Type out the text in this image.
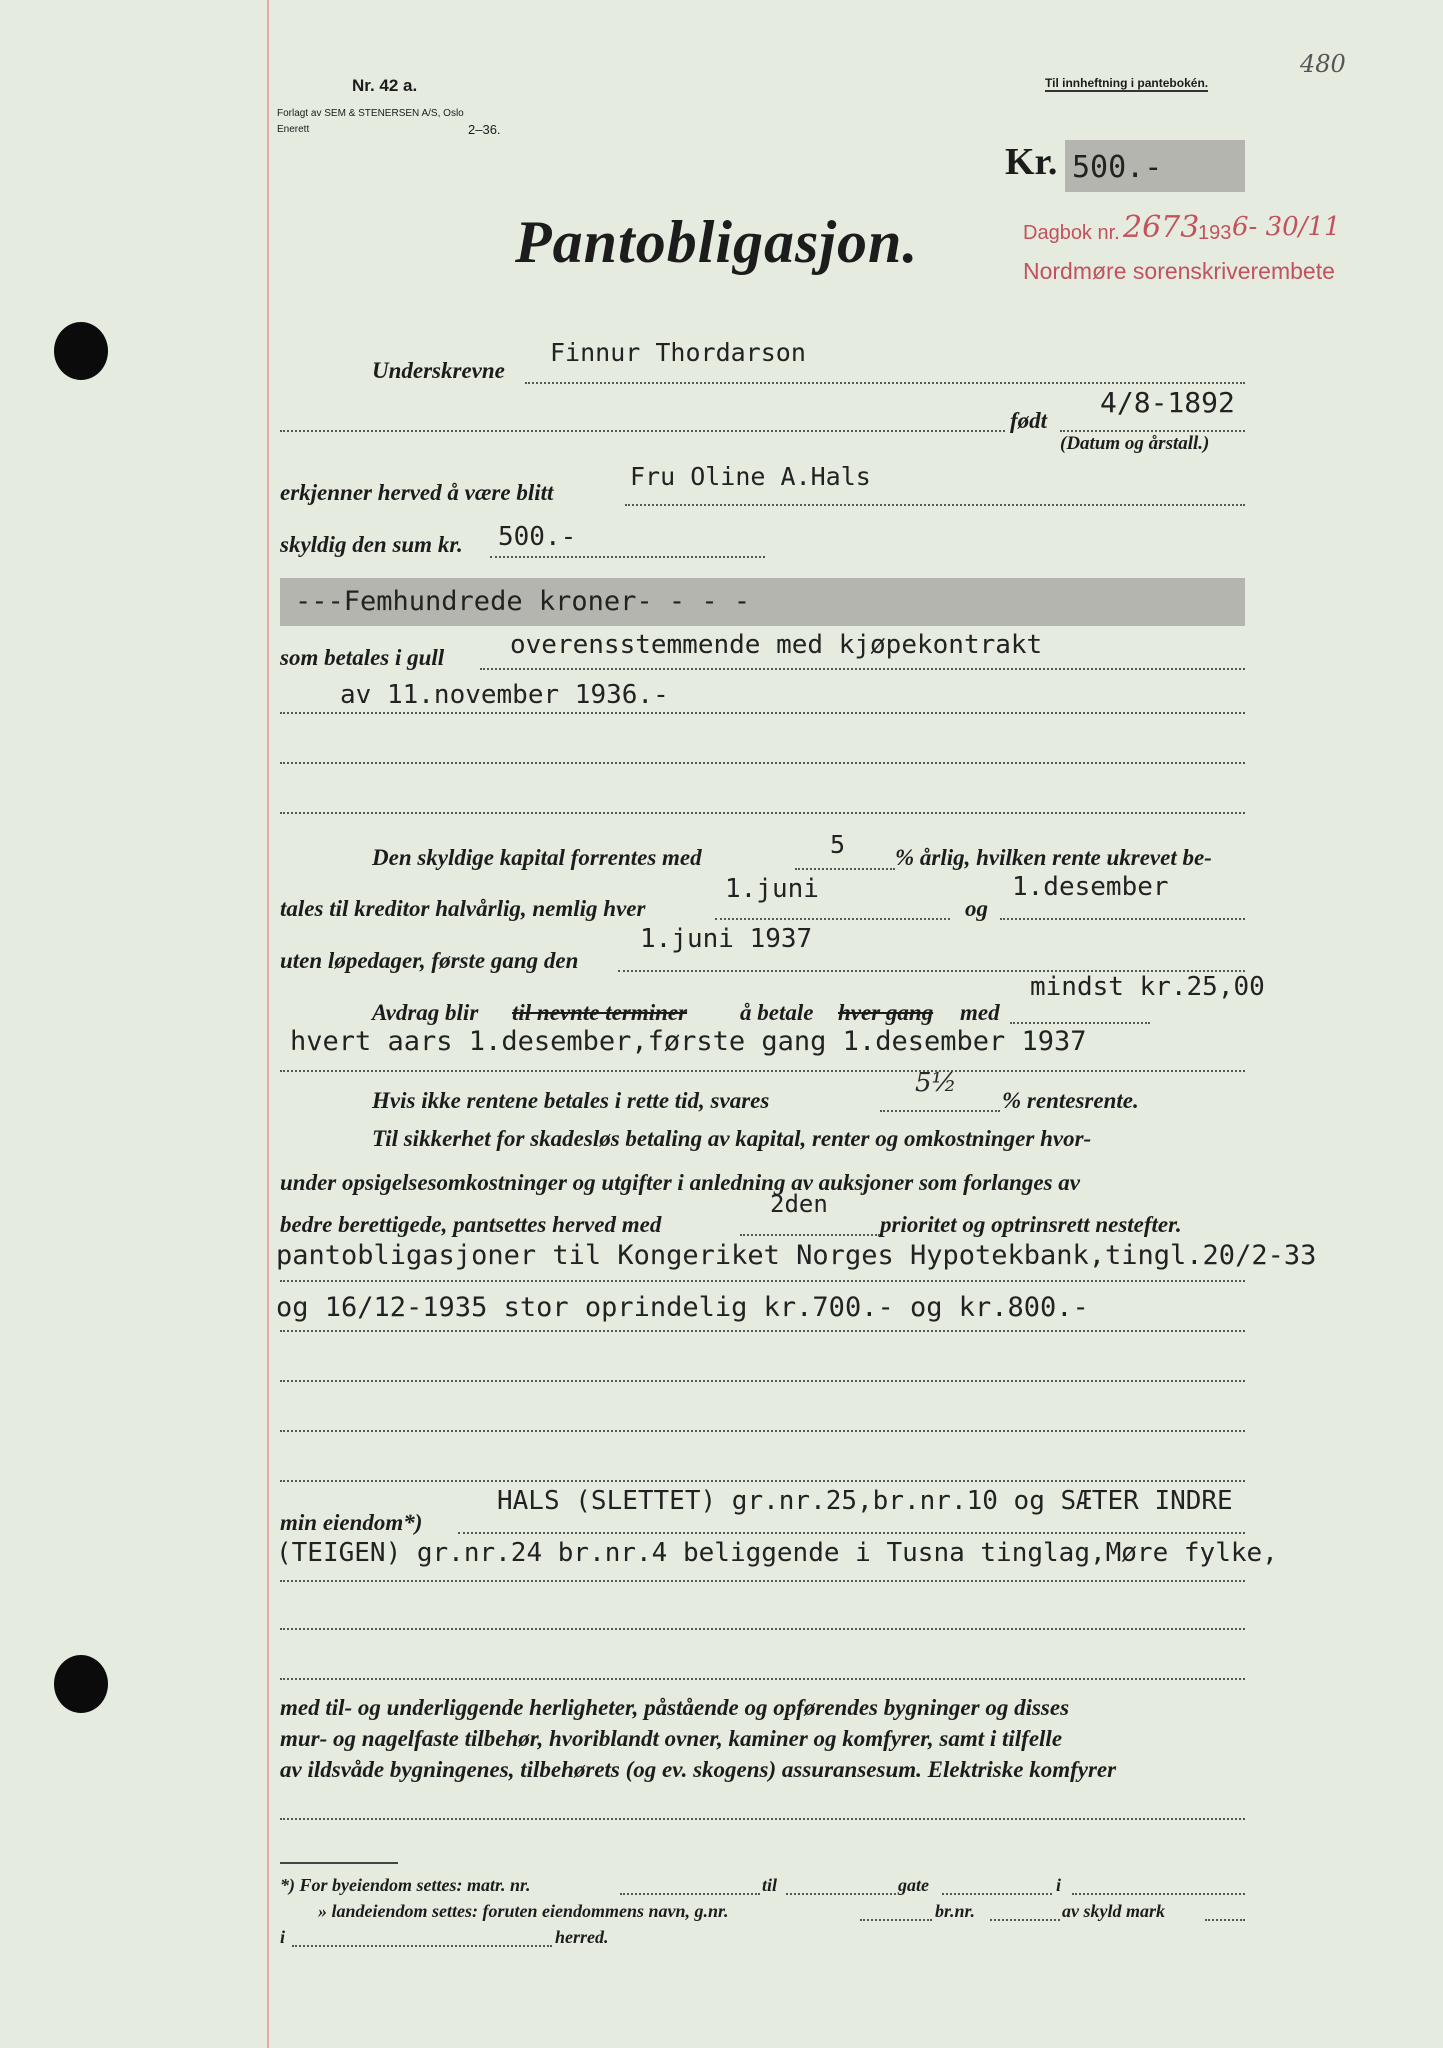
Nr. 42 a.
Forlagt av SEM & STENERSEN A/S, Oslo
Enerett	2–36.
Til innheftning i pantebokén.
480
Kr. 500.-
Pantobligasjon.	Dagbok nr. 2673
193 6- 30/11
Nordmøre sorenskriverembete
Underskrevne
Finnur Thordarson
født
4/8-1892
(Datum og årstall.)
erkjenner herved å være blitt
Fru Oline A.Hals
skyldig den sum kr. 500.-
---Femhundrede kroner- - - -
som betales i gull	overensstemmende med kjøpekontrakt
av 11.november 1936.-
Den skyldige kapital forrentes med	5 % årlig, hvilken rente ukrevet be-
tales til kreditor halvårlig, nemlig hver
1.juni
og
1.desember
uten løpedager, første gang den
1.juni 1937
Avdrag blir til nevnte terminer å betale hver gang med
mindst kr.25,00
hvert aars 1.desember,første gang 1.desember 1937
Hvis ikke rentene betales i rette tid, svares
5½
% rentesrente.
Til sikkerhet for skadesløs betaling av kapital, renter og omkostninger hvor-
under opsigelsesomkostninger og utgifter i anledning av auksjoner som forlanges av
bedre berettigede, pantsettes herved med
2den
prioritet og optrinsrett nestefter.
pantobligasjoner til Kongeriket Norges Hypotekbank,tingl.20/2-33
og 16/12-1935 stor oprindelig kr.700.- og kr.800.-
min eiendom*)
HALS (SLETTET) gr.nr.25,br.nr.10 og SÆTER INDRE
(TEIGEN) gr.nr.24 br.nr.4 beliggende i Tusna tinglag,Møre fylke,
med til- og underliggende herligheter, påstående og opførendes bygninger og disses
mur- og nagelfaste tilbehør, hvoriblandt ovner, kaminer og komfyrer, samt i tilfelle
av ildsvåde bygningenes, tilbehørets (og ev. skogens) assuransesum. Elektriske komfyrer
*) For byeiendom settes: matr. nr.	til	gate	i
» landeiendom settes: foruten eiendommens navn, g.nr.	br.nr.	av skyld mark
i	herred.
